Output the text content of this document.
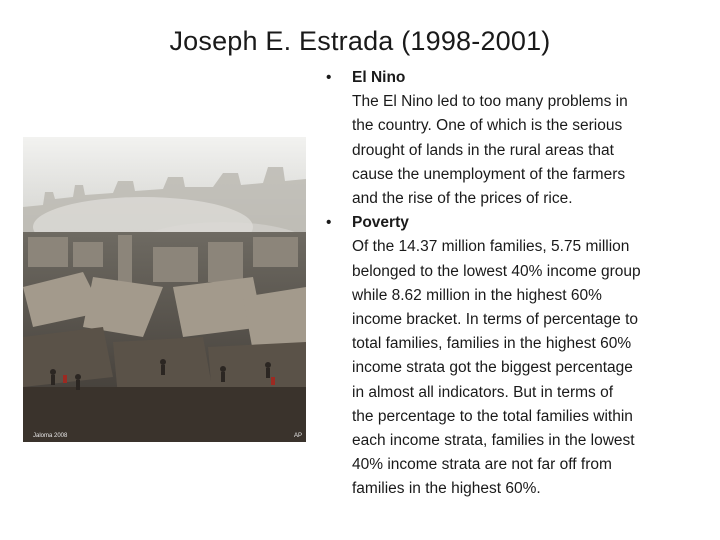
Joseph E. Estrada (1998-2001)
Jaloma 2008	AP
• El Nino
The El Nino led to too many problems in
the country. One of which is the serious
drought of lands in the rural areas that
cause the unemployment of the farmers
and the rise of the prices of rice.
• Poverty
Of the 14.37 million families, 5.75 million
belonged to the lowest 40% income group
while 8.62 million in the highest 60%
income bracket. In terms of percentage to
total families, families in the highest 60%
income strata got the biggest percentage
in almost all indicators. But in terms of
the percentage to the total families within
each income strata, families in the lowest
40% income strata are not far off from
families in the highest 60%.
